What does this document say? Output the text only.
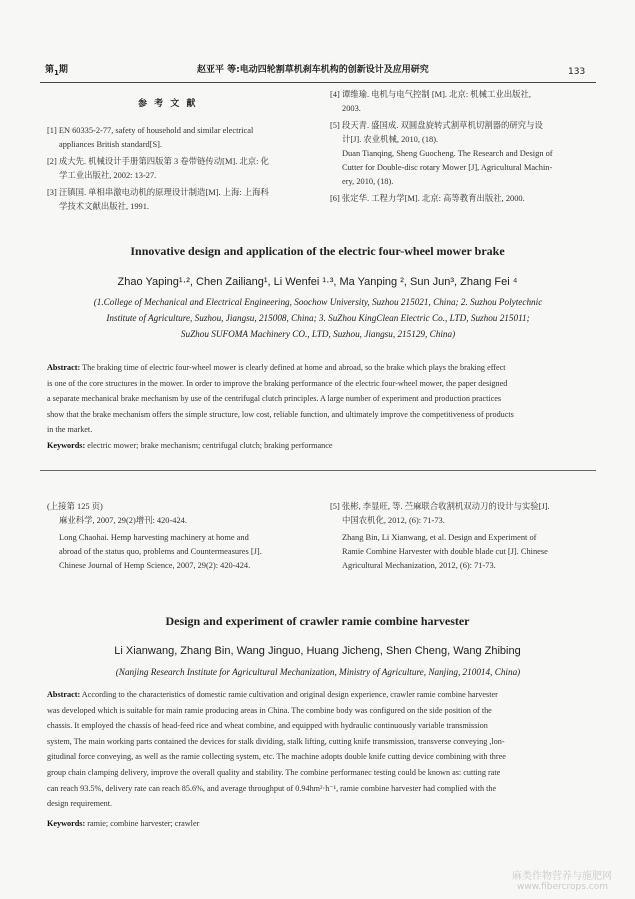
第$_1$期	赵亚平 等:电动四轮割草机刹车机构的创新设计及应用研究	133
参 考 文 献
[1] EN 60335-2-77, safety of household and similar electrical
appliances British standard[S].
[2] 成大先. 机械设计手册第四版第 3 卷带链传动[M]. 北京: 化
学工业出版社, 2002: 13-27.
[3] 汪镇国. 单相串激电动机的原理设计制造[M]. 上海: 上海科
学技术文献出版社, 1991.
[4] 谭维瑜. 电机与电气控制 [M]. 北京: 机械工业出版社,
2003.
[5] 段天青. 盛国成. 双圆盘旋转式割草机切割器的研究与设
计[J]. 农业机械, 2010, (18).
Duan Tianqing, Sheng Guocheng. The Research and Design of
Cutter for Double-disc rotary Mower [J], Agricultural Machin-
ery, 2010, (18).
[6] 张定华. 工程力学[M]. 北京: 高等教育出版社, 2000.
Innovative design and application of the electric four-wheel mower brake
Zhao Yaping¹·², Chen Zailiang¹, Li Wenfei ¹·³, Ma Yanping ², Sun Jun³, Zhang Fei ⁴
(1.College of Mechanical and Electrical Engineering, Soochow University, Suzhou 215021, China; 2. Suzhou Polytechnic
Institute of Agriculture, Suzhou, Jiangsu, 215008, China; 3. SuZhou KingClean Electric Co., LTD, Suzhou 215011;
SuZhou SUFOMA Machinery CO., LTD, Suzhou, Jiangsu, 215129, China)
Abstract: The braking time of electric four-wheel mower is clearly defined at home and abroad, so the brake which plays the braking effect
is one of the core structures in the mower. In order to improve the braking performance of the electric four-wheel mower, the paper designed
a separate mechanical brake mechanism by use of the centrifugal clutch principles. A large number of experiment and production practices
show that the brake mechanism offers the simple structure, low cost, reliable function, and ultimately improve the competitiveness of products
in the market.
Keywords: electric mower; brake mechanism; centrifugal clutch; braking performance
(上接第 125 页)
麻业科学, 2007, 29(2)增刊: 420-424.
Long Chaohai. Hemp harvesting machinery at home and
abroad of the status quo, problems and Countermeasures [J].
Chinese Journal of Hemp Science, 2007, 29(2): 420-424.
[5] 张彬, 李显旺, 等. 苎麻联合收割机双动刀的设计与实验[J].
中国农机化, 2012, (6): 71-73.
Zhang Bin, Li Xianwang, et al. Design and Experiment of
Ramie Combine Harvester with double blade cut [J]. Chinese
Agricultural Mechanization, 2012, (6): 71-73.
Design and experiment of crawler ramie combine harvester
Li Xianwang, Zhang Bin, Wang Jinguo, Huang Jicheng, Shen Cheng, Wang Zhibing
(Nanjing Research Institute for Agricultural Mechanization, Ministry of Agriculture, Nanjing, 210014, China)
Abstract: According to the characteristics of domestic ramie cultivation and original design experience, crawler ramie combine harvester
was developed which is suitable for main ramie producing areas in China. The combine body was configured on the side position of the
chassis. It employed the chassis of head-feed rice and wheat combine, and equipped with hydraulic continuously variable transmission
system, The main working parts contained the devices for stalk dividing, stalk lifting, cutting knife transmission, transverse conveying ,lon-
gitudinal force conveying, as well as the ramie collecting system, etc. The machine adopts double knife cutting device combining with three
group chain clamping delivery, improve the overall quality and stability. The combine performanec testing could be known as: cutting rate
can reach 93.5%, delivery rate can reach 85.6%, and average throughput of 0.94hm²·h⁻¹, ramie combine harvester had complied with the
design requirement.
Keywords: ramie; combine harvester; crawler
麻类作物营养与施肥网
www.fibercrops.com
